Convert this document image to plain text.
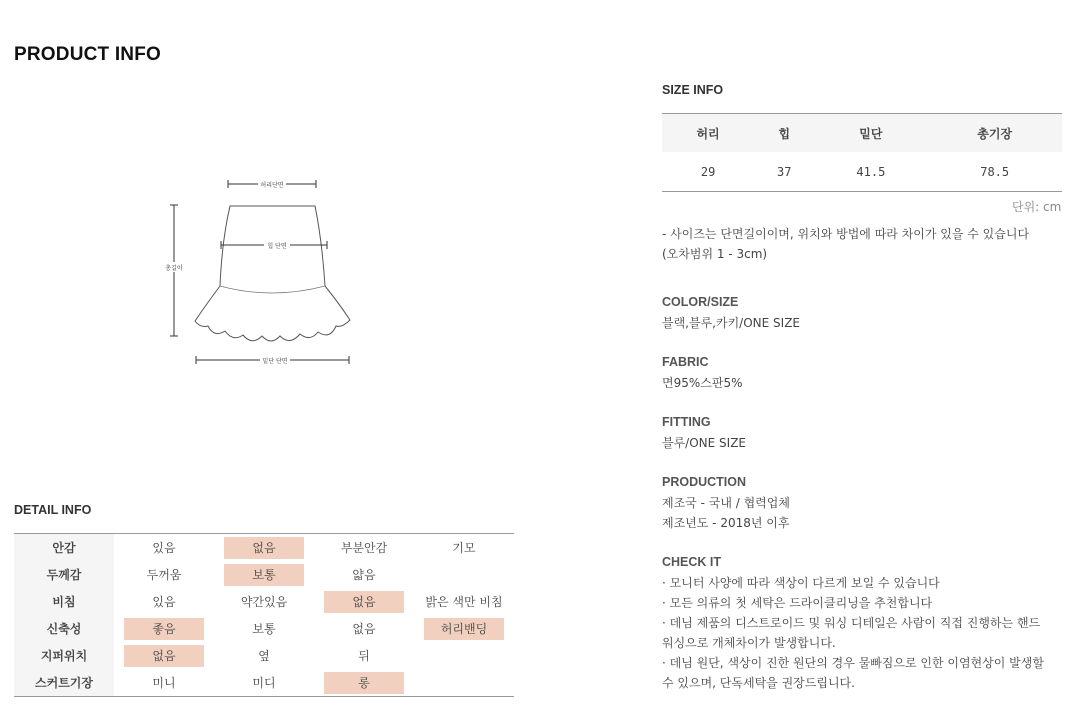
PRODUCT INFO
허리단면
힙 단면
총길이
밑단 단면
SIZE INFO
허리	힙	밑단	총기장
29	37	41.5	78.5
단위: cm
- 사이즈는 단면길이이며, 위치와 방법에 따라 차이가 있을 수 있습니다
(오차범위 1 - 3cm)
COLOR/SIZE
블랙,블루,카키/ONE SIZE
FABRIC
면95%스판5%
FITTING
블루/ONE SIZE
PRODUCTION
제조국 - 국내 / 협력업체
제조년도 - 2018년 이후
CHECK IT
· 모니터 사양에 따라 색상이 다르게 보일 수 있습니다
· 모든 의류의 첫 세탁은 드라이클리닝을 추천합니다
· 데님 제품의 디스트로이드 및 워싱 디테일은 사람이 직접 진행하는 핸드
워싱으로 개체차이가 발생합니다.
· 데님 원단, 색상이 진한 원단의 경우 물빠짐으로 인한 이염현상이 발생할
수 있으며, 단독세탁을 권장드립니다.
DETAIL INFO
안감	있음	없음	부분안감	기모
두께감	두꺼움	보통	얇음	
비침	있음	약간있음	없음	밝은 색만 비침
신축성	좋음	보통	없음	허리밴딩
지퍼위치	없음	옆	뒤	
스커트기장	미니	미디	롱	
